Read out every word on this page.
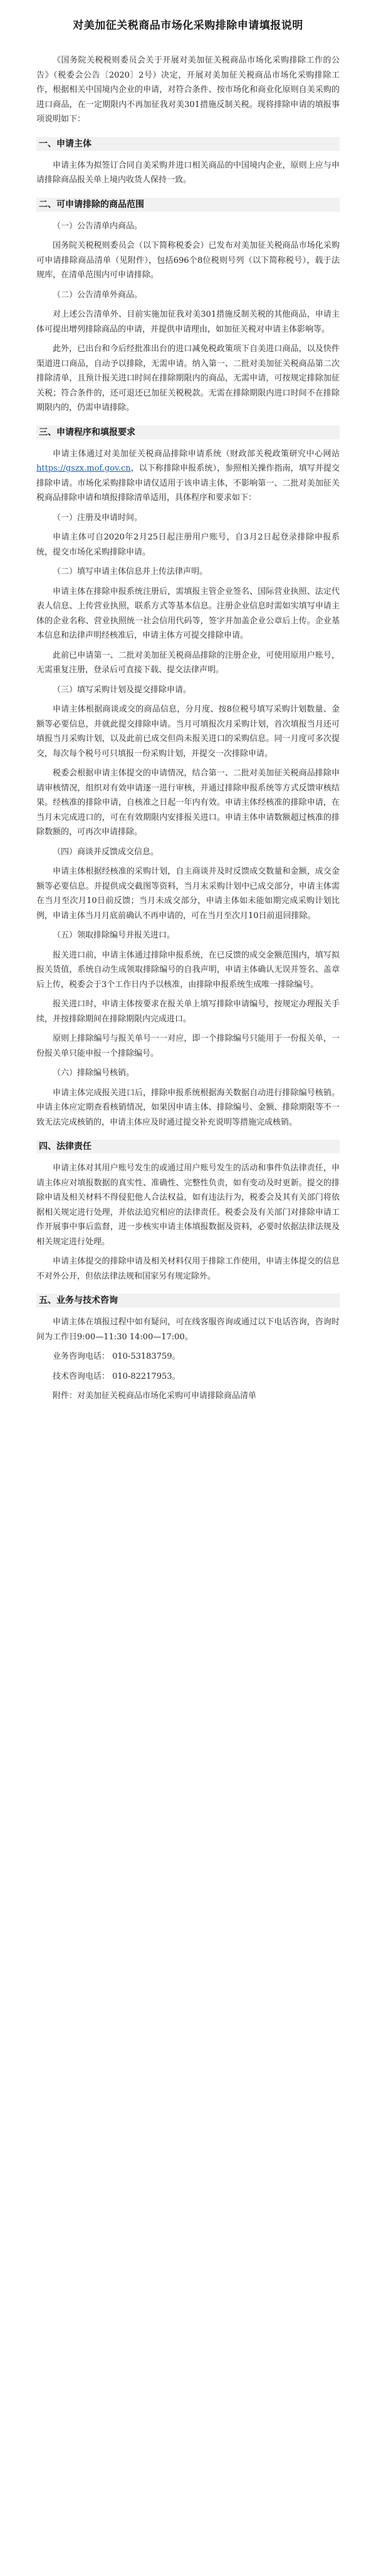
对美加征关税商品市场化采购排除申请填报说明

《国务院关税税则委员会关于开展对美加征关税商品市场化采购排除工作的公告》（税委会公告〔2020〕2号）决定，开展对美加征关税商品市场化采购排除工作，根据相关中国境内企业的申请，对符合条件、按市场化和商业化原则自美采购的进口商品，在一定期限内不再加征我对美301措施反制关税。现将排除申请的填报事项说明如下：

一、申请主体

申请主体为拟签订合同自美采购并进口相关商品的中国境内企业，原则上应与申请排除商品报关单上境内收货人保持一致。

二、可申请排除的商品范围

（一）公告清单内商品。

国务院关税税则委员会（以下简称税委会）已发布对美加征关税商品市场化采购可申请排除商品清单（见附件），包括696个8位税则号列（以下简称税号），载于法规库，在清单范围内可申请排除。

（二）公告清单外商品。

对上述公告清单外、目前实施加征我对美301措施反制关税的其他商品，申请主体可提出增列排除商品的申请，并提供申请理由，如加征关税对申请主体影响等。

此外，已出台和今后经批准出台的进口减免税政策项下自美进口商品，以及快件渠道进口商品，自动予以排除，无需申请。纳入第一、二批对美加征关税商品第二次排除清单，且预计报关进口时间在排除期限内的商品，无需申请，可按规定排除加征关税；符合条件的，还可退还已加征关税税款。无需在排除期限内进口时间不在排除期限内的，仍需申请排除。

三、申请程序和填报要求

申请主体通过对美加征关税商品排除申请系统（财政部关税政策研究中心网站https://gszx.mof.gov.cn，以下称排除申报系统），参照相关操作指南，填写并提交排除申请。市场化采购排除申请仅适用于该申请主体，不影响第一、二批对美加征关税商品排除申请和填报排除清单适用，具体程序和要求如下：

（一）注册及申请时间。

申请主体可自2020年2月25日起注册用户账号，自3月2日起登录排除申报系统，提交市场化采购排除申请。

（二）填写申请主体信息并上传法律声明。

申请主体在排除申报系统注册后，需填报主管企业签名、国际营业执照、法定代表人信息、上传营业执照，联系方式等基本信息。注册企业信息时需如实填写申请主体的企业名称、营业执照统一社会信用代码等，签字并加盖企业公章后上传。企业基本信息和法律声明经核准后，申请主体方可提交排除申请。

此前已申请第一、二批对美加征关税商品排除的注册企业，可使用原用户账号，无需重复注册，登录后可直接下载、提交法律声明。

（三）填写采购计划及提交排除申请。

申请主体根据商谈或交的商品信息，分月度、按8位税号填写采购计划数量、金额等必要信息，并就此提交排除申请。当月可填报次月采购计划，首次填报当月还可填报当月采购计划，以及此前已成交但尚未报关进口的采购信息。同一月度可多次提交，每次每个税号可只填报一份采购计划，并提交一次排除申请。

税委会根据申请主体提交的申请情况，结合第一、二批对美加征关税商品排除申请审核情况，组织对有效申请逐一进行审核，并通过排除申报系统等方式反馈审核结果。经核准的排除申请，自核准之日起一年内有效。申请主体经核准的排除申请，在当月未完成进口的，可在有效期限内安排报关进口。申请主体申请数额超过核准的排除数额的，可再次申请排除。

（四）商谈并反馈成交信息。

申请主体根据经核准的采购计划，自主商谈并及时反馈成交数量和金额，成交金额等必要信息。并提供成交截图等资料，当月末采购计划中已成交部分，申请主体需在当月至次月10日前反馈；当月未成交部分，申请主体如未能如期完成采购计划比例，申请主体当月月底前确认不再申请的，可在当月至次月10日前退回排除。

（五）领取排除编号并报关进口。

报关进口前，申请主体通过排除申报系统，在已反馈的成交金额范围内，填写拟报关货值，系统自动生成领取排除编号的自我声明，申请主体确认无误并签名、盖章后上传，税委会于3个工作日内予以核准，由排除申报系统生成唯一排除编号。

报关进口时，申请主体按要求在报关单上填写排除申请编号，按规定办理报关手续，并按排除期间在排除期限内完成进口。

原则上排除编号与报关单号一一对应，即一个排除编号只能用于一份报关单，一份报关单只能申报一个排除编号。

（六）排除编号核销。

申请主体完成报关进口后，排除申报系统根据海关数据自动进行排除编号核销。申请主体应定期查看核销情况，如果因申请主体、排除编号、金额、排除期限等不一致无法完成核销的，申请主体应及时通过提交补充说明等措施完成核销。

四、法律责任

申请主体对其用户账号发生的或通过用户账号发生的活动和事件负法律责任，申请主体应对填报数据的真实性、准确性、完整性负责，如有变动及时更新。提交的排除申请及相关材料不得侵犯他人合法权益，如有违法行为，税委会及其有关部门将依据相关规定进行处理，并依法追究相应的法律责任。税委会及有关部门对排除申请工作开展事中事后监督，进一步核实申请主体填报数据及资料，必要时依据法律法规及相关规定进行处理。

申请主体提交的排除申请及相关材料仅用于排除工作使用，申请主体提交的信息不对外公开，但依法律法规和国家另有规定除外。

五、业务与技术咨询

申请主体在填报过程中如有疑问，可在线客服咨询或通过以下电话咨询，咨询时间为工作日9:00—11:30 14:00—17:00。

业务咨询电话： 010-53183759。

技术咨询电话： 010-82217953。

附件：对美加征关税商品市场化采购可申请排除商品清单
